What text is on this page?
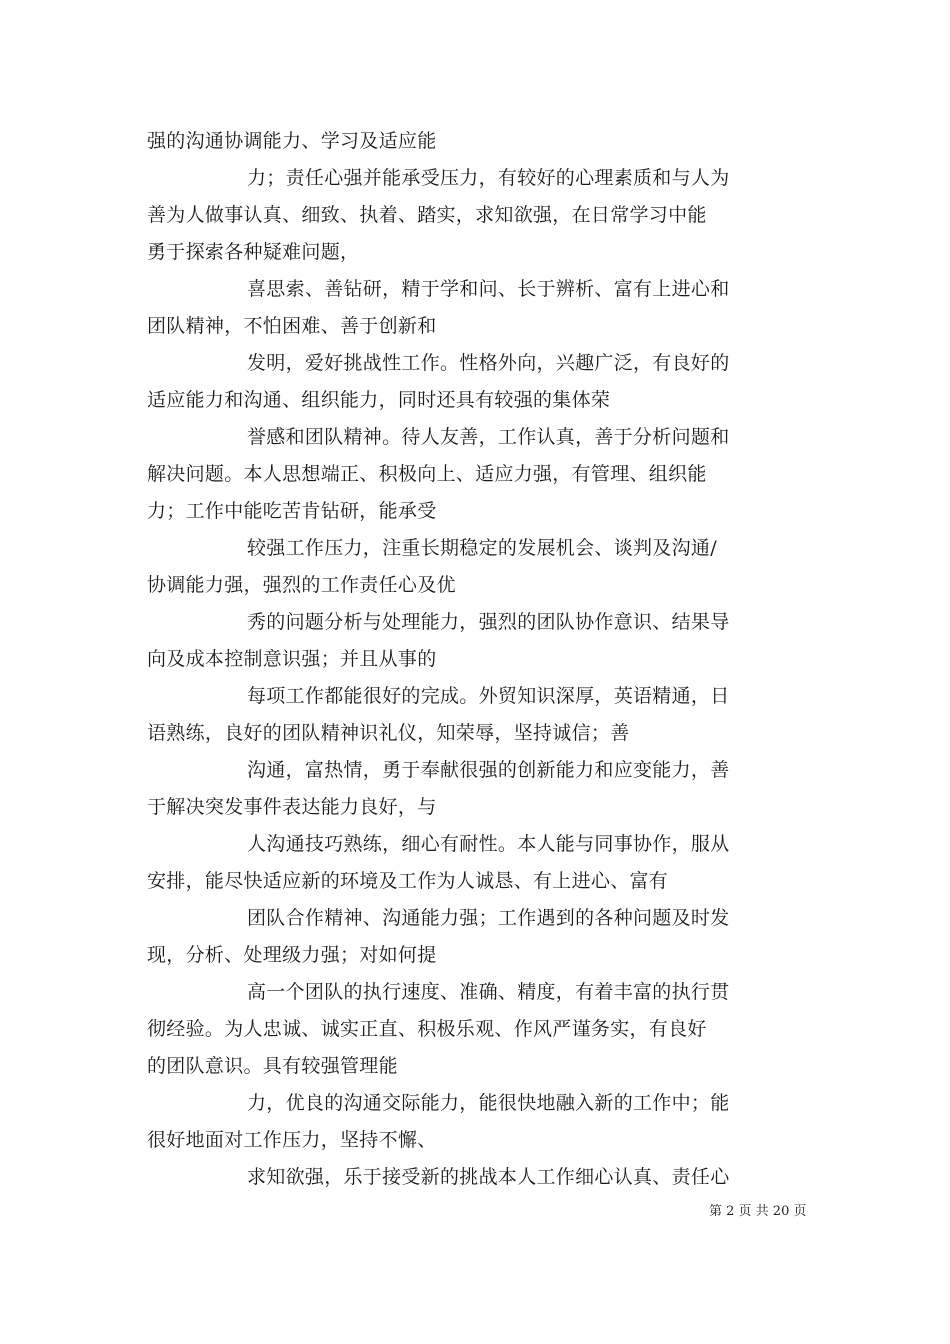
强的沟通协调能力、学习及适应能
力；责任心强并能承受压力，有较好的心理素质和与人为
善为人做事认真、细致、执着、踏实，求知欲强，在日常学习中能
勇于探索各种疑难问题，
喜思索、善钻研，精于学和问、长于辨析、富有上进心和
团队精神，不怕困难、善于创新和
发明，爱好挑战性工作。性格外向，兴趣广泛，有良好的
适应能力和沟通、组织能力，同时还具有较强的集体荣
誉感和团队精神。待人友善，工作认真，善于分析问题和
解决问题。本人思想端正、积极向上、适应力强，有管理、组织能
力；工作中能吃苦肯钻研，能承受
较强工作压力，注重长期稳定的发展机会、谈判及沟通/
协调能力强，强烈的工作责任心及优
秀的问题分析与处理能力，强烈的团队协作意识、结果导
向及成本控制意识强；并且从事的
每项工作都能很好的完成。外贸知识深厚，英语精通，日
语熟练，良好的团队精神识礼仪，知荣辱，坚持诚信；善
沟通，富热情，勇于奉献很强的创新能力和应变能力，善
于解决突发事件表达能力良好，与
人沟通技巧熟练，细心有耐性。本人能与同事协作，服从
安排，能尽快适应新的环境及工作为人诚恳、有上进心、富有
团队合作精神、沟通能力强；工作遇到的各种问题及时发
现，分析、处理级力强；对如何提
高一个团队的执行速度、准确、精度，有着丰富的执行贯
彻经验。为人忠诚、诚实正直、积极乐观、作风严谨务实，有良好
的团队意识。具有较强管理能
力，优良的沟通交际能力，能很快地融入新的工作中；能
很好地面对工作压力，坚持不懈、
求知欲强，乐于接受新的挑战本人工作细心认真、责任心
第 2 页 共 20 页
